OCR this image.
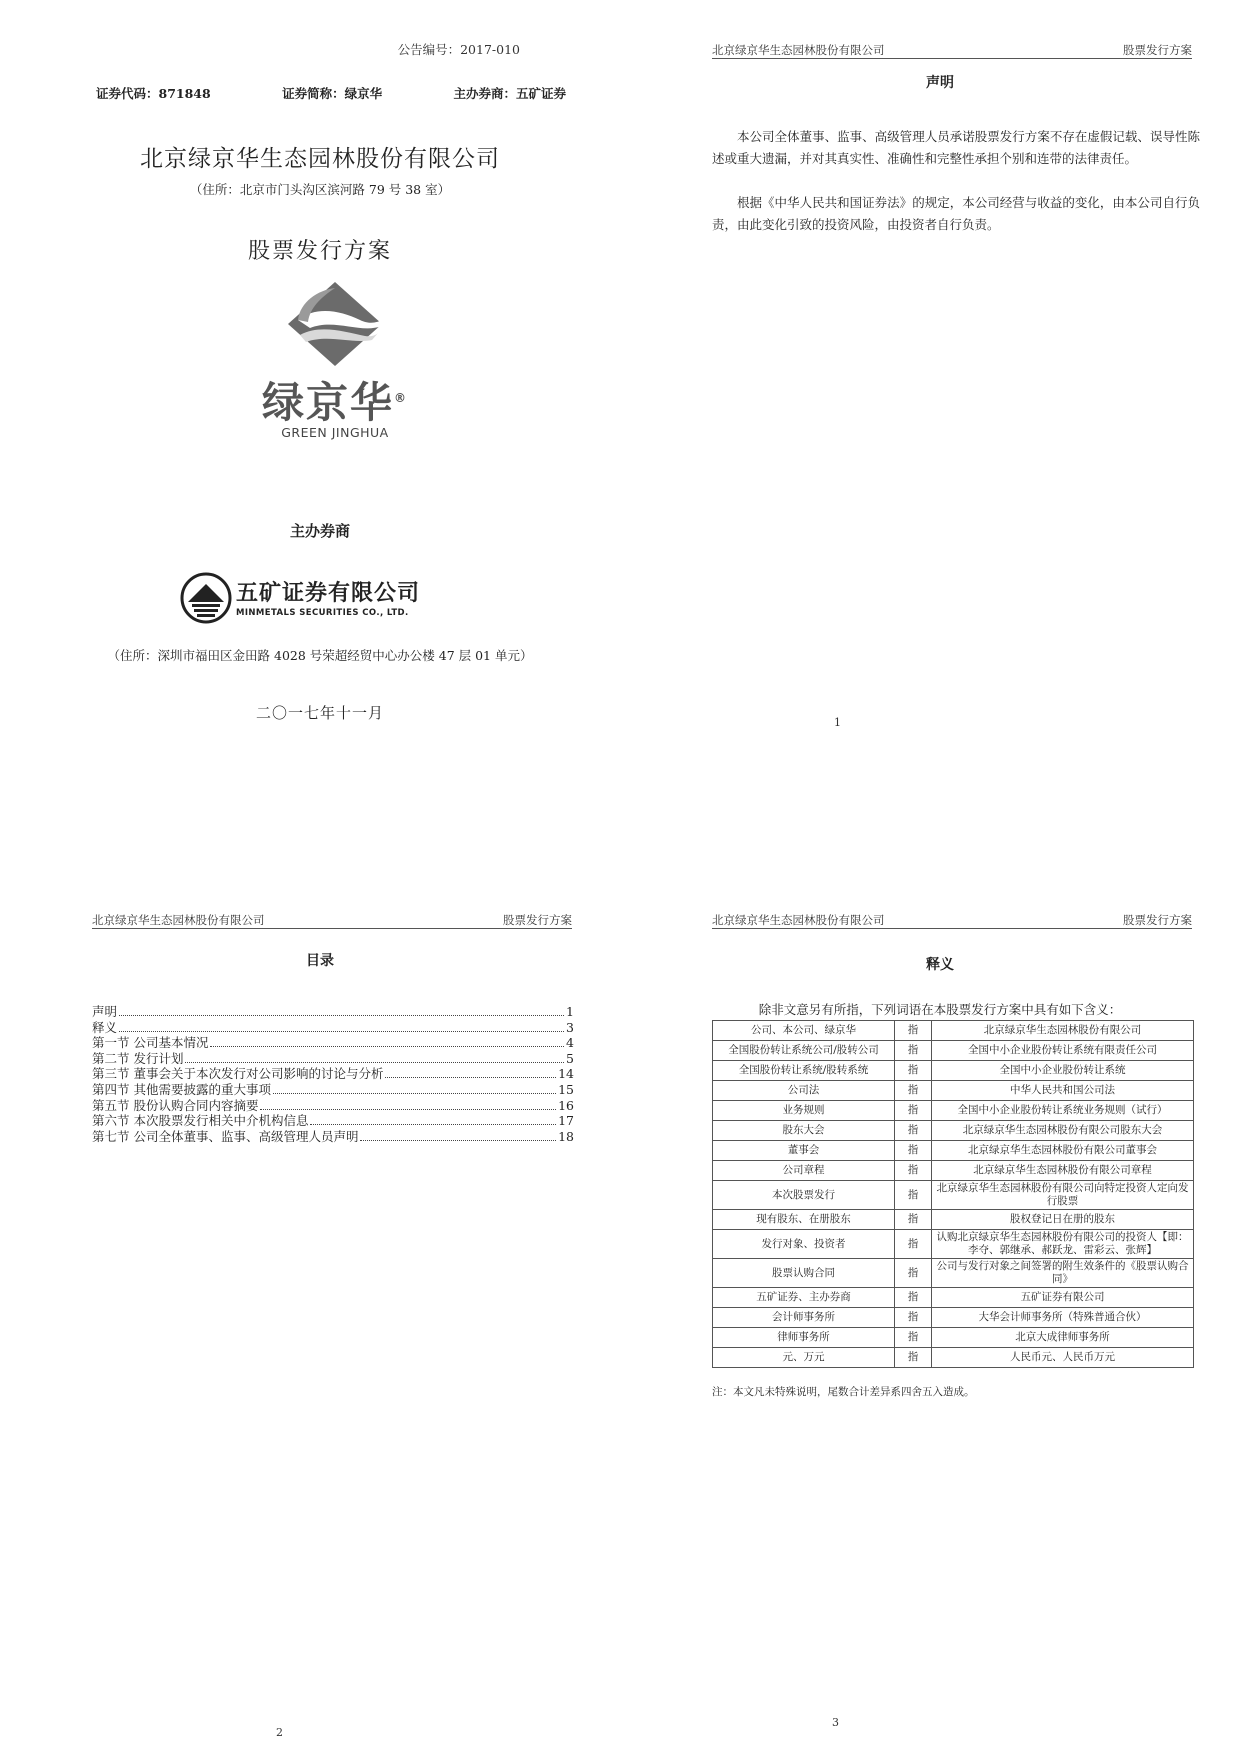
公告编号：2017-010
证券代码：871848	证券简称：绿京华	主办券商：五矿证券
北京绿京华生态园林股份有限公司
（住所：北京市门头沟区滨河路 79 号 38 室）
股票发行方案
绿京华®
GREEN JINGHUA
主办券商
五矿证券有限公司
MINMETALS SECURITIES CO., LTD.
（住所：深圳市福田区金田路 4028 号荣超经贸中心办公楼 47 层 01 单元）
二〇一七年十一月
北京绿京华生态园林股份有限公司	股票发行方案
声明
本公司全体董事、监事、高级管理人员承诺股票发行方案不存在虚假记载、误导性陈述或重大遗漏，并对其真实性、准确性和完整性承担个别和连带的法律责任。
根据《中华人民共和国证券法》的规定，本公司经营与收益的变化，由本公司自行负责，由此变化引致的投资风险，由投资者自行负责。
1
北京绿京华生态园林股份有限公司	股票发行方案
目录
声明	1
释义	3
第一节 公司基本情况	4
第二节 发行计划	5
第三节 董事会关于本次发行对公司影响的讨论与分析	14
第四节 其他需要披露的重大事项	15
第五节 股份认购合同内容摘要	16
第六节 本次股票发行相关中介机构信息	17
第七节 公司全体董事、监事、高级管理人员声明	18
2
北京绿京华生态园林股份有限公司	股票发行方案
释义
除非文意另有所指，下列词语在本股票发行方案中具有如下含义：
公司、本公司、绿京华	指	北京绿京华生态园林股份有限公司
全国股份转让系统公司/股转公司	指	全国中小企业股份转让系统有限责任公司
全国股份转让系统/股转系统	指	全国中小企业股份转让系统
公司法	指	中华人民共和国公司法
业务规则	指	全国中小企业股份转让系统业务规则（试行）
股东大会	指	北京绿京华生态园林股份有限公司股东大会
董事会	指	北京绿京华生态园林股份有限公司董事会
公司章程	指	北京绿京华生态园林股份有限公司章程
本次股票发行	指	北京绿京华生态园林股份有限公司向特定投资人定向发行股票
现有股东、在册股东	指	股权登记日在册的股东
发行对象、投资者	指	认购北京绿京华生态园林股份有限公司的投资人【即：李夺、郭继承、郝跃龙、雷彩云、张辉】
股票认购合同	指	公司与发行对象之间签署的附生效条件的《股票认购合同》
五矿证券、主办券商	指	五矿证券有限公司
会计师事务所	指	大华会计师事务所（特殊普通合伙）
律师事务所	指	北京大成律师事务所
元、万元	指	人民币元、人民币万元
注：本文凡未特殊说明，尾数合计差异系四舍五入造成。
3
